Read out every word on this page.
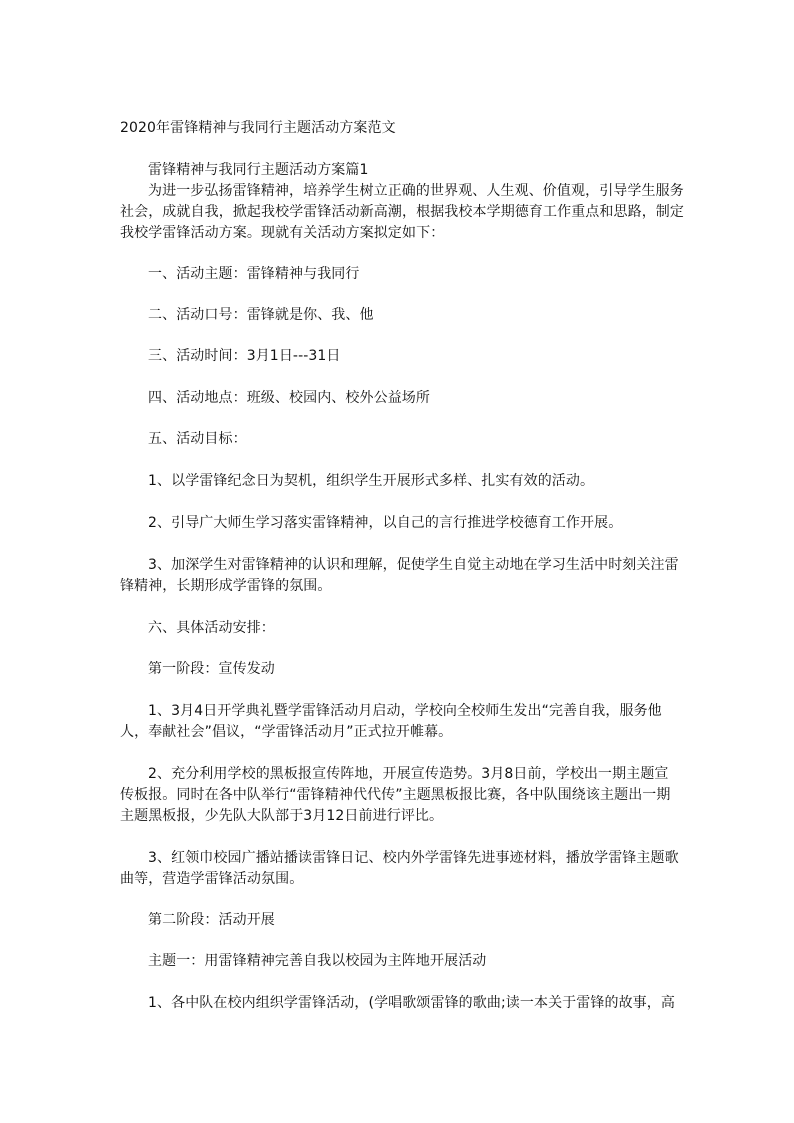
2020年雷锋精神与我同行主题活动方案范文
雷锋精神与我同行主题活动方案篇1
为进一步弘扬雷锋精神，培养学生树立正确的世界观、人生观、价值观，引导学生服务
社会，成就自我，掀起我校学雷锋活动新高潮，根据我校本学期德育工作重点和思路，制定
我校学雷锋活动方案。现就有关活动方案拟定如下：
一、活动主题：雷锋精神与我同行
二、活动口号：雷锋就是你、我、他
三、活动时间：3月1日---31日
四、活动地点：班级、校园内、校外公益场所
五、活动目标：
1、以学雷锋纪念日为契机，组织学生开展形式多样、扎实有效的活动。
2、引导广大师生学习落实雷锋精神，以自己的言行推进学校德育工作开展。
3、加深学生对雷锋精神的认识和理解，促使学生自觉主动地在学习生活中时刻关注雷
锋精神，长期形成学雷锋的氛围。
六、具体活动安排：
第一阶段：宣传发动
1、3月4日开学典礼暨学雷锋活动月启动，学校向全校师生发出“完善自我，服务他
人，奉献社会”倡议，“学雷锋活动月”正式拉开帷幕。
2、充分利用学校的黑板报宣传阵地，开展宣传造势。3月8日前，学校出一期主题宣
传板报。同时在各中队举行“雷锋精神代代传”主题黑板报比赛，各中队围绕该主题出一期
主题黑板报，少先队大队部于3月12日前进行评比。
3、红领巾校园广播站播读雷锋日记、校内外学雷锋先进事迹材料，播放学雷锋主题歌
曲等，营造学雷锋活动氛围。
第二阶段：活动开展
主题一：用雷锋精神完善自我以校园为主阵地开展活动
1、各中队在校内组织学雷锋活动，(学唱歌颂雷锋的歌曲;读一本关于雷锋的故事，高
